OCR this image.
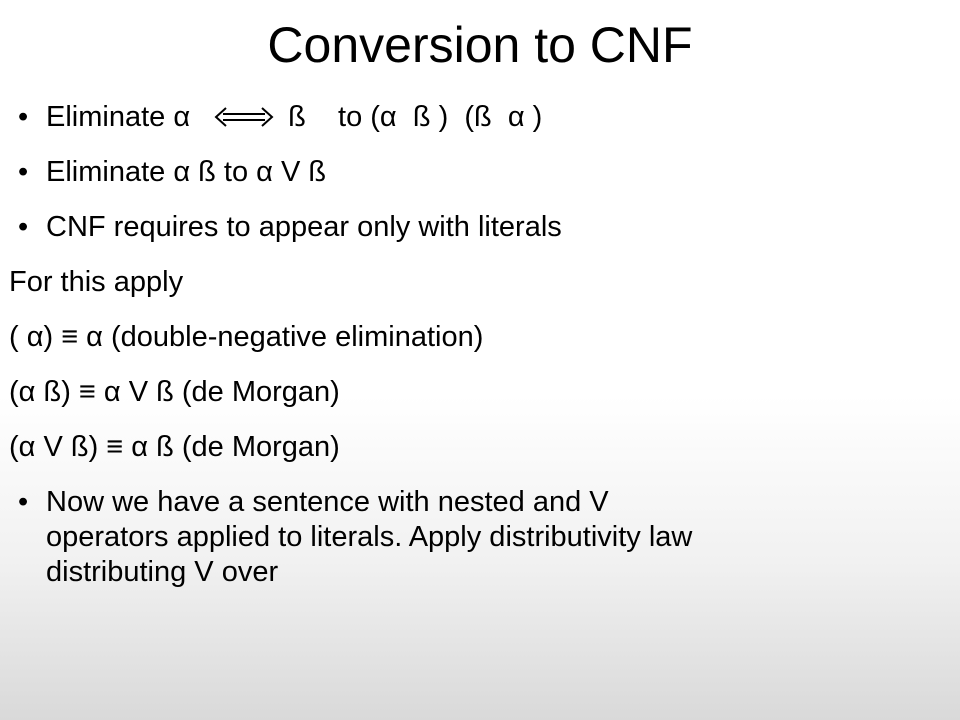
Conversion to CNF
• Eliminate α	ß    to (α  ß )  (ß  α )
• Eliminate α ß to α V ß
• CNF requires to appear only with literals
For this apply
( α) ≡ α (double-negative elimination)
(α ß) ≡ α V ß (de Morgan)
(α V ß) ≡ α ß (de Morgan)
• Now we have a sentence with nested and V
operators applied to literals. Apply distributivity law
distributing V over
